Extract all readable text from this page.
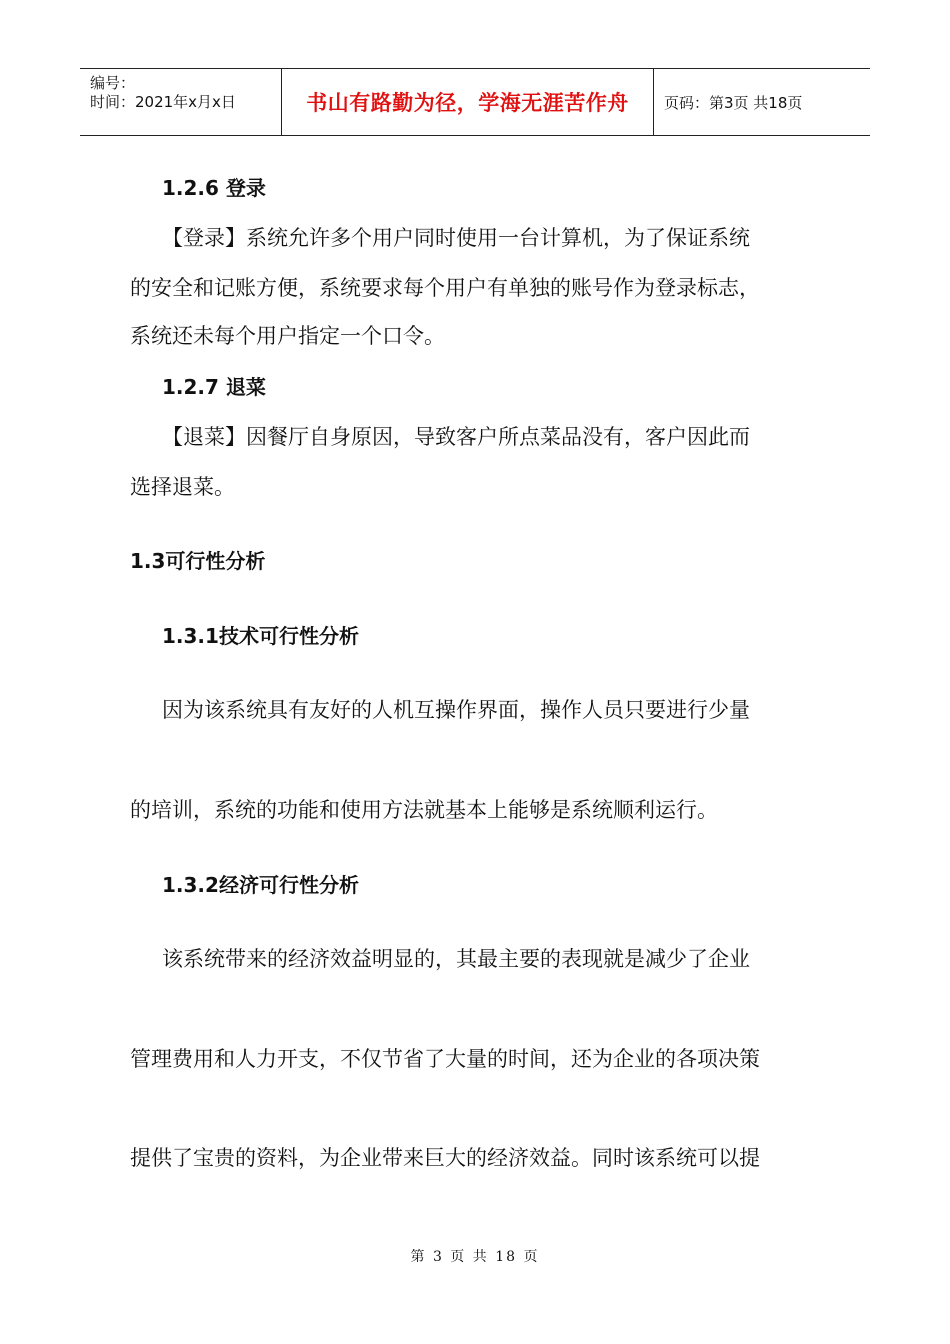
编号：
时间：2021年x月x日	书山有路勤为径，学海无涯苦作舟 页码：第3页 共18页
1.2.6 登录
【登录】系统允许多个用户同时使用一台计算机，为了保证系统
的安全和记账方便，系统要求每个用户有单独的账号作为登录标志，
系统还未每个用户指定一个口令。
1.2.7 退菜
【退菜】因餐厅自身原因，导致客户所点菜品没有，客户因此而
选择退菜。
1.3可行性分析
1.3.1技术可行性分析
因为该系统具有友好的人机互操作界面，操作人员只要进行少量
的培训，系统的功能和使用方法就基本上能够是系统顺利运行。
1.3.2经济可行性分析
该系统带来的经济效益明显的，其最主要的表现就是减少了企业
管理费用和人力开支，不仅节省了大量的时间，还为企业的各项决策
提供了宝贵的资料，为企业带来巨大的经济效益。同时该系统可以提
第 3 页 共 18 页
